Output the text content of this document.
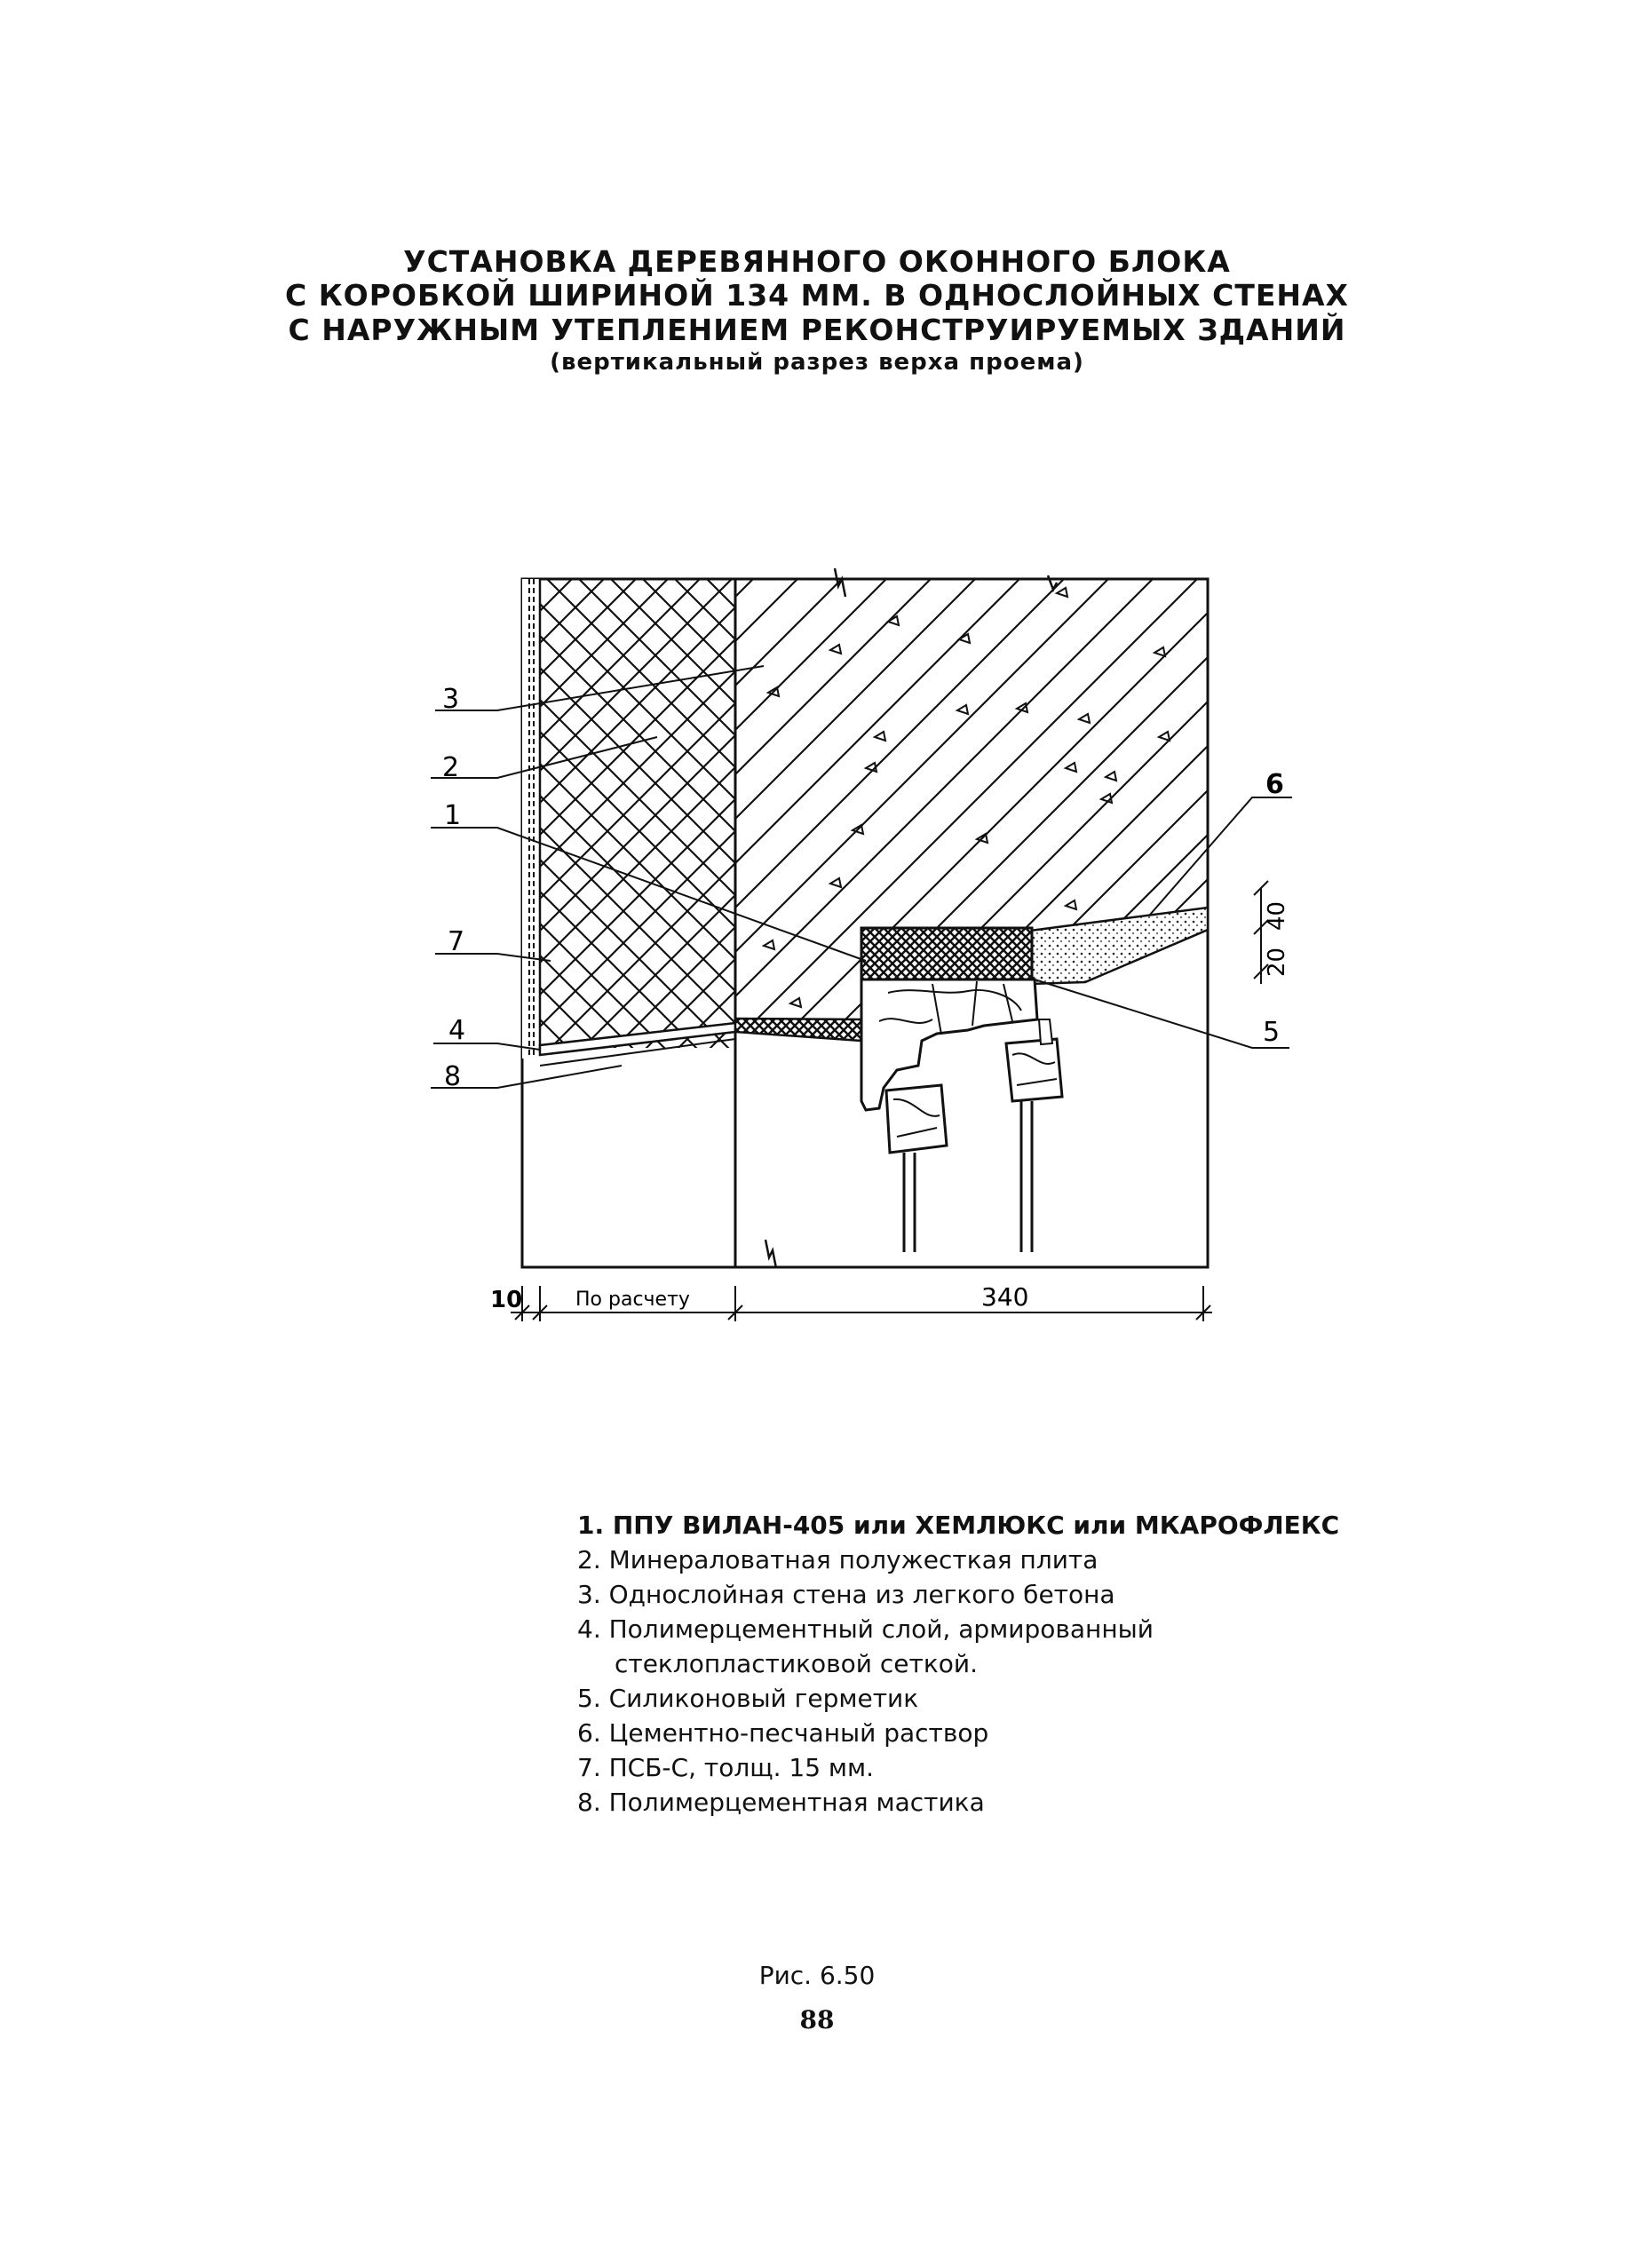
УСТАНОВКА ДЕРЕВЯННОГО ОКОННОГО БЛОКА
С КОРОБКОЙ ШИРИНОЙ 134 ММ. В ОДНОСЛОЙНЫХ СТЕНАХ
С НАРУЖНЫМ УТЕПЛЕНИЕМ РЕКОНСТРУИРУЕМЫХ ЗДАНИЙ
(вертикальный разрез верха проема)
3
2
1
7
4
8
6
5
20
40
10	По расчету	340
1. ППУ ВИЛАН-405 или ХЕМЛЮКС или МКАРОФЛЕКС
2. Минераловатная полужесткая плита
3. Однослойная стена из легкого бетона
4. Полимерцементный слой, армированный
стеклопластиковой сеткой.
5. Силиконовый герметик
6. Цементно-песчаный раствор
7. ПСБ-С, толщ. 15 мм.
8. Полимерцементная мастика
Рис. 6.50
88
